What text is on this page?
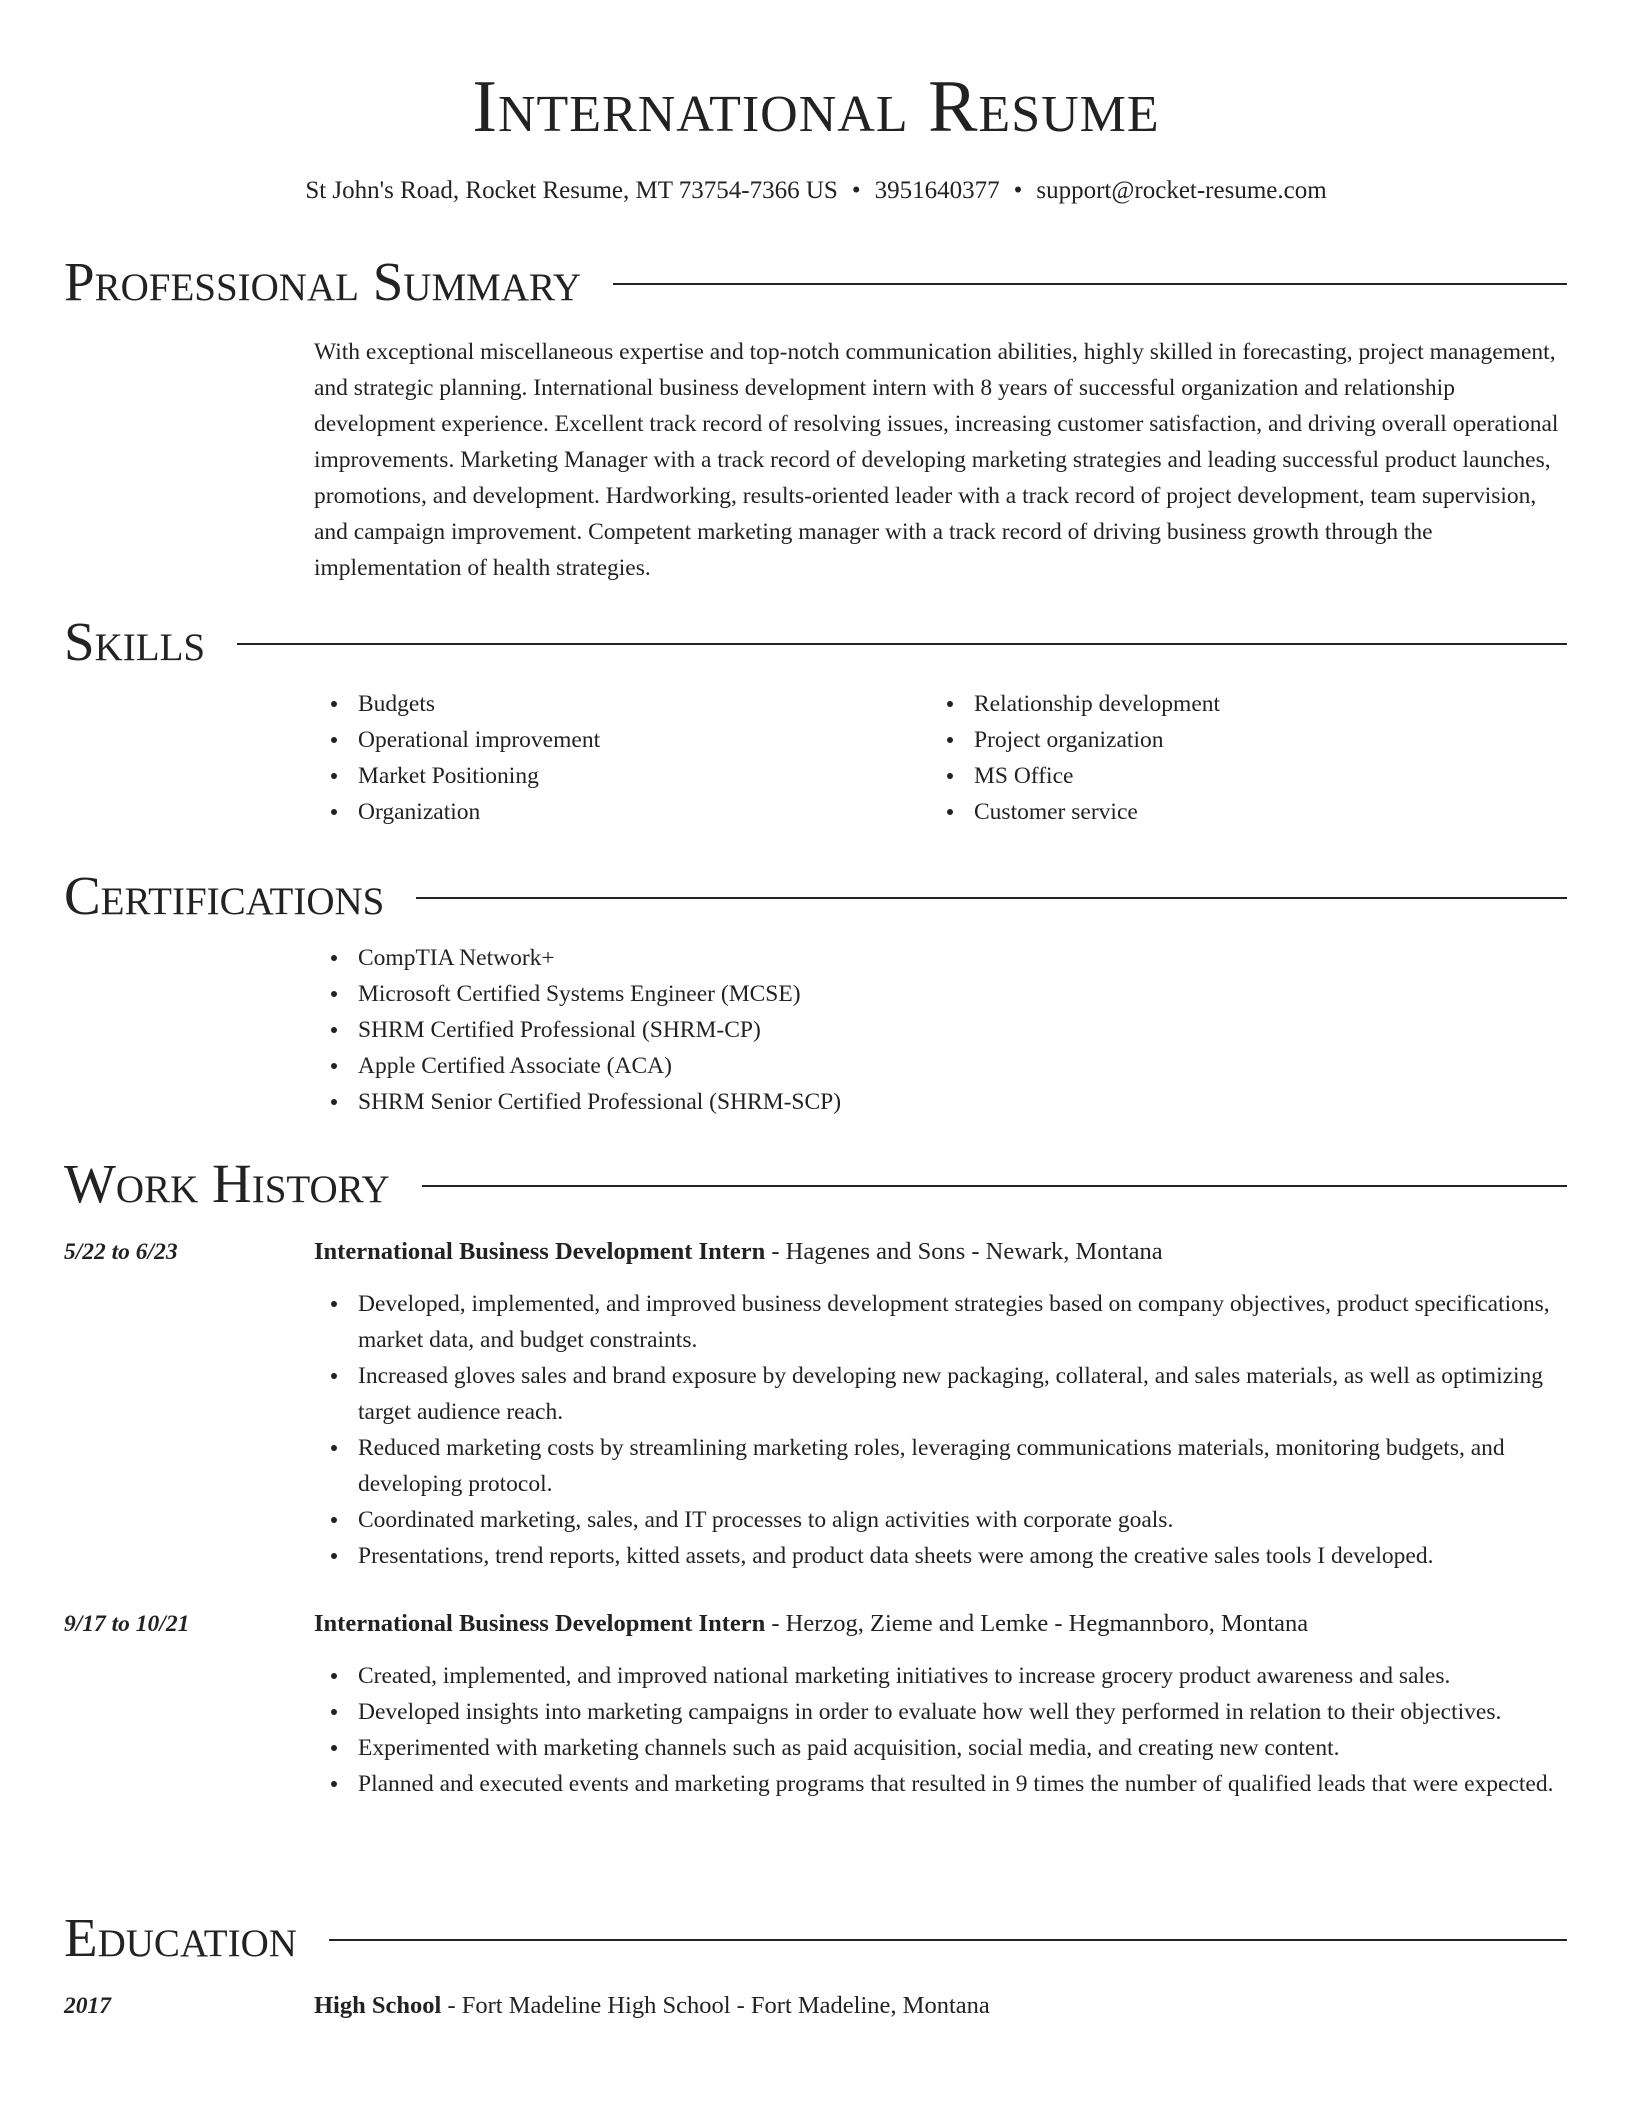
International Resume
St John's Road, Rocket Resume, MT 73754-7366 US • 3951640377 • support@rocket-resume.com
Professional Summary
With exceptional miscellaneous expertise and top-notch communication abilities, highly skilled in forecasting, project management, and strategic planning. International business development intern with 8 years of successful organization and relationship development experience. Excellent track record of resolving issues, increasing customer satisfaction, and driving overall operational improvements. Marketing Manager with a track record of developing marketing strategies and leading successful product launches, promotions, and development. Hardworking, results-oriented leader with a track record of project development, team supervision, and campaign improvement. Competent marketing manager with a track record of driving business growth through the implementation of health strategies.
Skills
Budgets
Operational improvement
Market Positioning
Organization
Relationship development
Project organization
MS Office
Customer service
Certifications
CompTIA Network+
Microsoft Certified Systems Engineer (MCSE)
SHRM Certified Professional (SHRM-CP)
Apple Certified Associate (ACA)
SHRM Senior Certified Professional (SHRM-SCP)
Work History
5/22 to 6/23	International Business Development Intern - Hagenes and Sons - Newark, Montana
Developed, implemented, and improved business development strategies based on company objectives, product specifications, market data, and budget constraints.
Increased gloves sales and brand exposure by developing new packaging, collateral, and sales materials, as well as optimizing target audience reach.
Reduced marketing costs by streamlining marketing roles, leveraging communications materials, monitoring budgets, and developing protocol.
Coordinated marketing, sales, and IT processes to align activities with corporate goals.
Presentations, trend reports, kitted assets, and product data sheets were among the creative sales tools I developed.
9/17 to 10/21	International Business Development Intern - Herzog, Zieme and Lemke - Hegmannboro, Montana
Created, implemented, and improved national marketing initiatives to increase grocery product awareness and sales.
Developed insights into marketing campaigns in order to evaluate how well they performed in relation to their objectives.
Experimented with marketing channels such as paid acquisition, social media, and creating new content.
Planned and executed events and marketing programs that resulted in 9 times the number of qualified leads that were expected.
Education
2017	High School - Fort Madeline High School - Fort Madeline, Montana
